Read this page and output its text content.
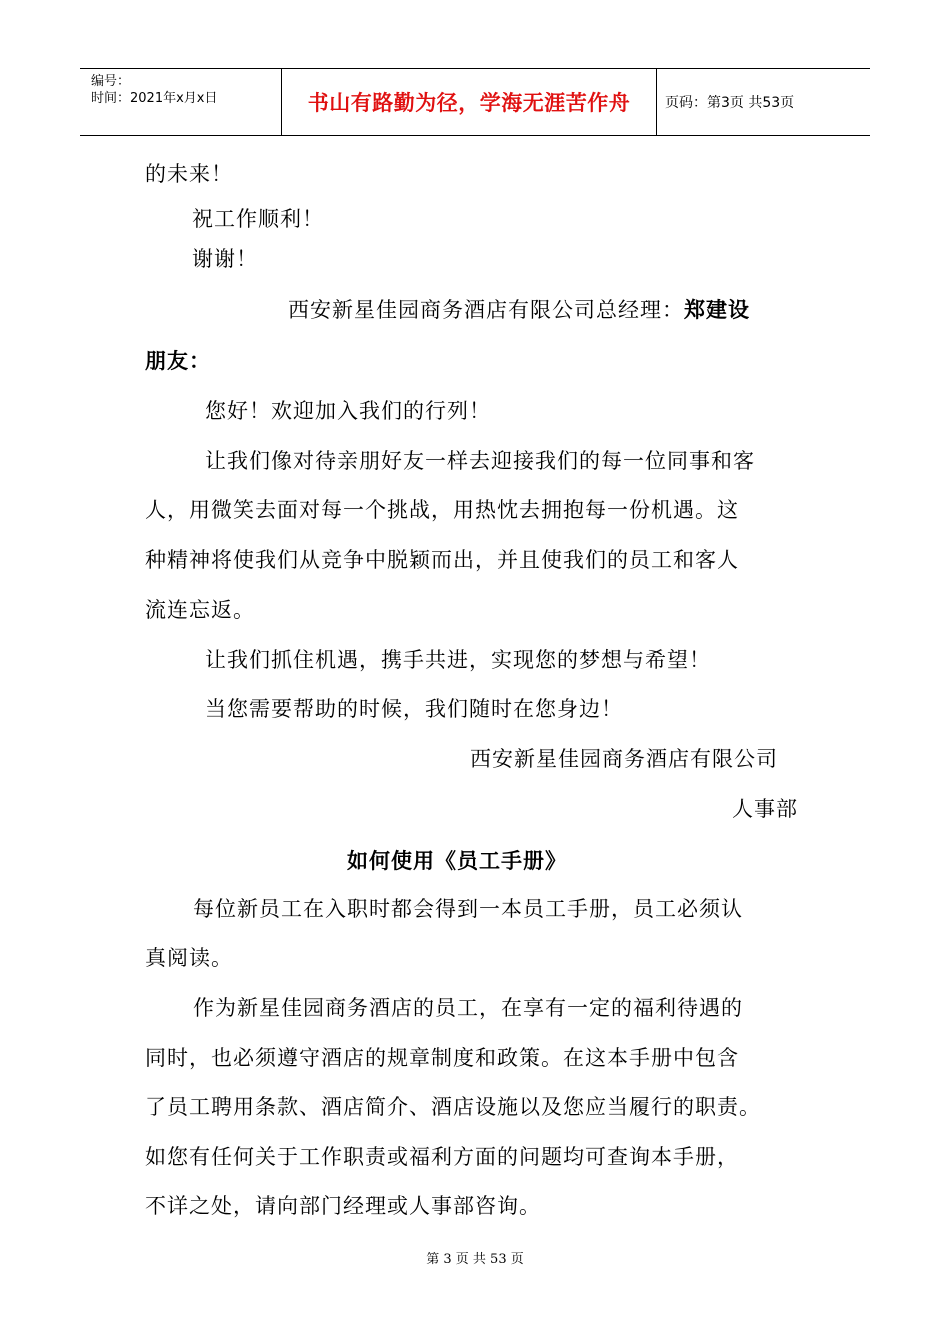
编号：
时间：2021年x月x日	书山有路勤为径，学海无涯苦作舟	页码：第3页 共53页
的未来！
祝工作顺利！
谢谢！
西安新星佳园商务酒店有限公司总经理：郑建设
朋友：
您好！欢迎加入我们的行列！
让我们像对待亲朋好友一样去迎接我们的每一位同事和客
人，用微笑去面对每一个挑战，用热忱去拥抱每一份机遇。这
种精神将使我们从竞争中脱颖而出，并且使我们的员工和客人
流连忘返。
让我们抓住机遇，携手共进，实现您的梦想与希望！
当您需要帮助的时候，我们随时在您身边！
西安新星佳园商务酒店有限公司
人事部
如何使用《员工手册》
每位新员工在入职时都会得到一本员工手册，员工必须认
真阅读。
作为新星佳园商务酒店的员工，在享有一定的福利待遇的
同时，也必须遵守酒店的规章制度和政策。在这本手册中包含
了员工聘用条款、酒店简介、酒店设施以及您应当履行的职责。
如您有任何关于工作职责或福利方面的问题均可查询本手册，
不详之处，请向部门经理或人事部咨询。
第 3 页 共 53 页
